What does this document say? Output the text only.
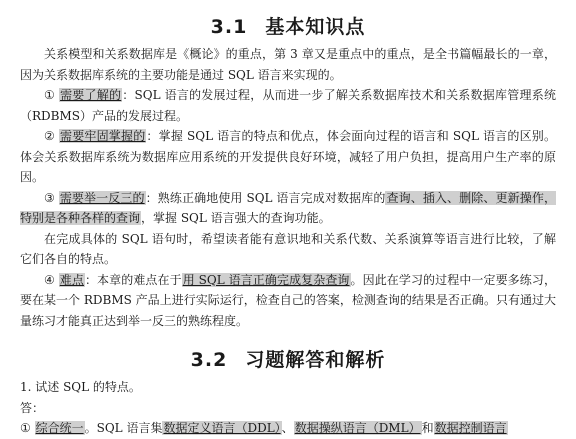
3.1 基本知识点

关系模型和关系数据库是《概论》的重点，第 3 章又是重点中的重点，是全书篇幅最长的一章，因为关系数据库系统的主要功能是通过 SQL 语言来实现的。

① 需要了解的：SQL 语言的发展过程，从而进一步了解关系数据库技术和关系数据库管理系统（RDBMS）产品的发展过程。

② 需要牢固掌握的：掌握 SQL 语言的特点和优点，体会面向过程的语言和 SQL 语言的区别。体会关系数据库系统为数据库应用系统的开发提供良好环境，减轻了用户负担，提高用户生产率的原因。

③ 需要举一反三的：熟练正确地使用 SQL 语言完成对数据库的查询、插入、删除、更新操作，特别是各种各样的查询，掌握 SQL 语言强大的查询功能。

在完成具体的 SQL 语句时，希望读者能有意识地和关系代数、关系演算等语言进行比较，了解它们各自的特点。

④ 难点：本章的难点在于用 SQL 语言正确完成复杂查询。因此在学习的过程中一定要多练习，要在某一个 RDBMS 产品上进行实际运行，检查自己的答案，检测查询的结果是否正确。只有通过大量练习才能真正达到举一反三的熟练程度。

3.2 习题解答和解析

1. 试述 SQL 的特点。

答：

① 综合统一。SQL 语言集数据定义语言（DDL）、数据操纵语言（DML）和数据控制语言
